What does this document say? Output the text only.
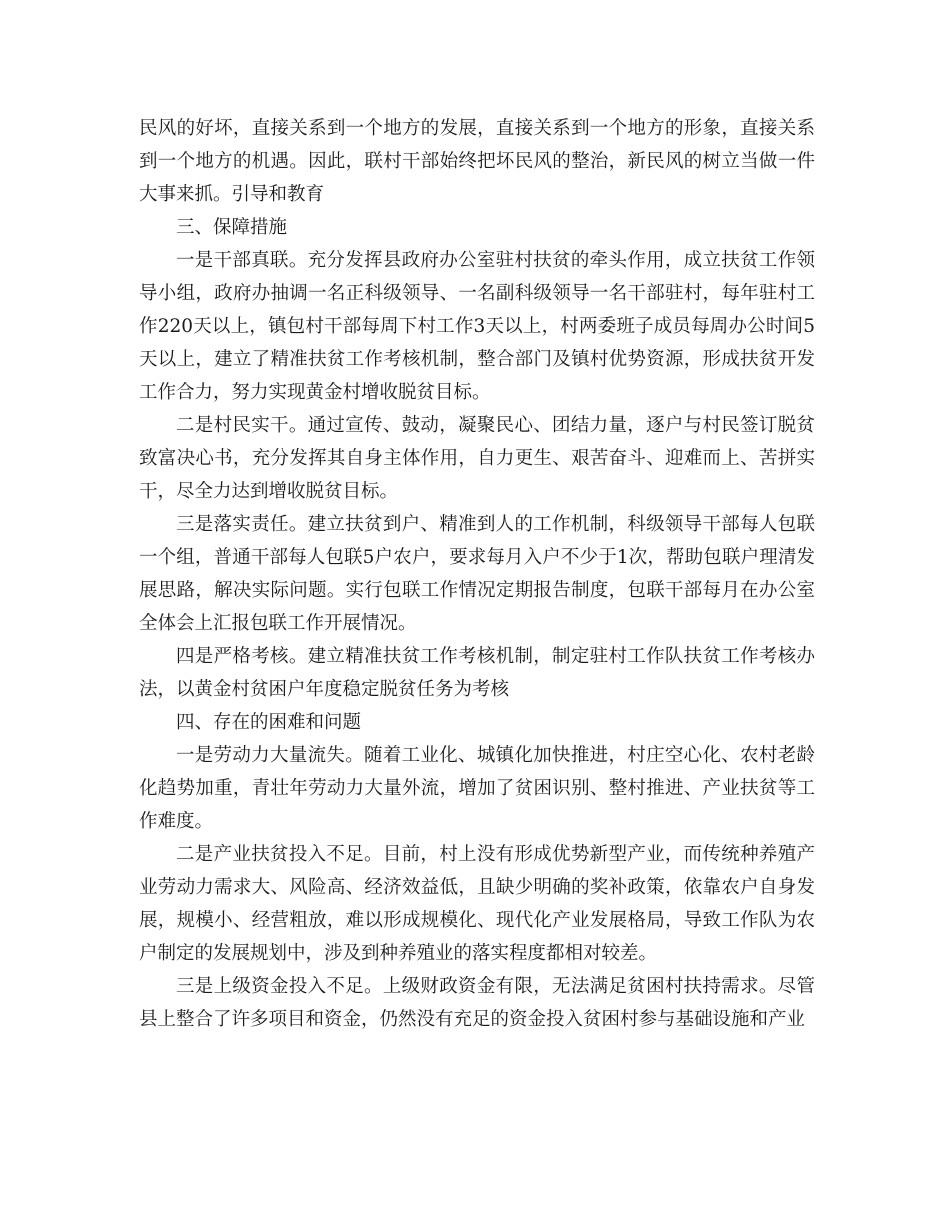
民风的好坏，直接关系到一个地方的发展，直接关系到一个地方的形象，直接关系到一个地方的机遇。因此，联村干部始终把坏民风的整治，新民风的树立当做一件大事来抓。引导和教育

三、保障措施

一是干部真联。充分发挥县政府办公室驻村扶贫的牵头作用，成立扶贫工作领导小组，政府办抽调一名正科级领导、一名副科级领导一名干部驻村，每年驻村工作220天以上，镇包村干部每周下村工作3天以上，村两委班子成员每周办公时间5天以上，建立了精准扶贫工作考核机制，整合部门及镇村优势资源，形成扶贫开发工作合力，努力实现黄金村增收脱贫目标。

二是村民实干。通过宣传、鼓动，凝聚民心、团结力量，逐户与村民签订脱贫致富决心书，充分发挥其自身主体作用，自力更生、艰苦奋斗、迎难而上、苦拼实干，尽全力达到增收脱贫目标。

三是落实责任。建立扶贫到户、精准到人的工作机制，科级领导干部每人包联一个组，普通干部每人包联5户农户，要求每月入户不少于1次，帮助包联户理清发展思路，解决实际问题。实行包联工作情况定期报告制度，包联干部每月在办公室全体会上汇报包联工作开展情况。

四是严格考核。建立精准扶贫工作考核机制，制定驻村工作队扶贫工作考核办法，以黄金村贫困户年度稳定脱贫任务为考核

四、存在的困难和问题

一是劳动力大量流失。随着工业化、城镇化加快推进，村庄空心化、农村老龄化趋势加重，青壮年劳动力大量外流，增加了贫困识别、整村推进、产业扶贫等工作难度。

二是产业扶贫投入不足。目前，村上没有形成优势新型产业，而传统种养殖产业劳动力需求大、风险高、经济效益低，且缺少明确的奖补政策，依靠农户自身发展，规模小、经营粗放，难以形成规模化、现代化产业发展格局，导致工作队为农户制定的发展规划中，涉及到种养殖业的落实程度都相对较差。

三是上级资金投入不足。上级财政资金有限，无法满足贫困村扶持需求。尽管县上整合了许多项目和资金，仍然没有充足的资金投入贫困村参与基础设施和产业
